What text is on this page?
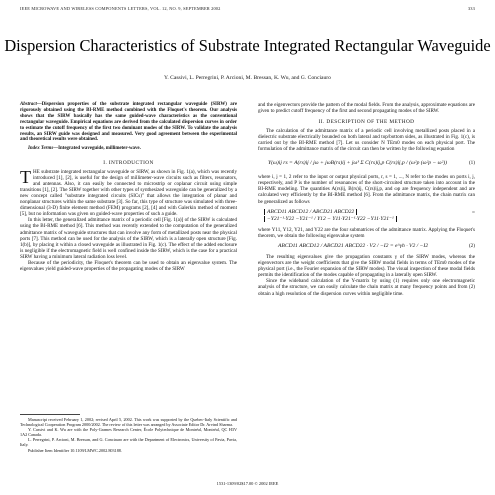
IEEE MICROWAVE AND WIRELESS COMPONENTS LETTERS, VOL. 12, NO. 9, SEPTEMBER 2002	333
Dispersion Characteristics of Substrate Integrated Rectangular Waveguide
Y. Cassivi, L. Perregrini, P. Arcioni, M. Bressan, K. Wu, and G. Conciauro
Abstract—Dispersion properties of the substrate integrated rectangular waveguide (SIRW) are rigorously obtained using the BI-RME method combined with the Floquet's theorem. Our analysis shows that the SIRW basically has the same guided-wave characteristics as the conventional rectangular waveguide. Empirical equations are derived from the calculated dispersion curves in order to estimate the cutoff frequency of the first two dominant modes of the SIRW. To validate the analysis results, an SIRW guide was designed and measured. Very good agreement between the experimental and theoretical results were obtained.
Index Terms—Integrated waveguide, millimeter-wave.
I. INTRODUCTION

THE substrate integrated rectangular waveguide or SIRW, as shown in Fig. 1(a), which was recently introduced [1], [2], is useful for the design of millimeter-wave circuits such as filters, resonators, and antennas. Also, it can easily be connected to microstrip or coplanar circuit using simple transitions [1], [2]. The SIRW together with other types of synthesized waveguide can be generalized by a new concept called "substrate integrated circuits (SICs)" that allows the integration of planar and nonplanar structures within the same substrate [3]. So far, this type of structure was simulated with three-dimensional (3-D) finite element method (FEM) programs [2], [4] and with Galerkin method of moment [5], but no information was given on guided-wave properties of such a guide.

In this letter, the generalized admittance matrix of a periodic cell [Fig. 1(a)] of the SIRW is calculated using the BI-RME method [6]. This method was recently extended to the computation of the generalized admittance matrix of waveguide structures that can involve any form of metallized posts near the physical ports [7]. This method can be used for the analysis of the SIRW, which is a laterally open structure [Fig. 1(b)], by placing it within a closed waveguide as illustrated in Fig. 1(c). The effect of the added enclosure is negligible if the electromagnetic field is well confined inside the SIRW, which is the case for a practical SIRW having a minimum lateral radiation loss level.

Because of the periodicity, the Floquet's theorem can be used to obtain an eigenvalue system. The eigenvalues yield guided-wave properties of the propagating modes of the SIRW

Manuscript received February 1, 2002; revised April 5, 2002. This work was supported by the Quebec-Italy Scientific and Technological Cooperation Program 2000/2002. The review of this letter was arranged by Associate Editor Dr. Arvind Sharma.

Y. Cassivi and K. Wu are with the Poly-Grames Research Center, École Polytechnique de Montréal, Montréal, QC H3V 1A2 Canada.

L. Perregrini, P. Arcioni, M. Bressan, and G. Conciauro are with the Department of Electronics, University of Pavia, Pavia, Italy.

Publisher Item Identifier 10.1109/LMWC.2002.803188.

and the eigenvectors provide the pattern of the modal fields. From the analysis, approximate equations are given to predict cutoff frequency of the first and second propagating modes of the SIRW.

II. DESCRIPTION OF THE METHOD

The calculation of the admittance matrix of a periodic cell involving metallized posts placed in a dielectric substrate electrically bounded on both lateral and top/bottom sides, as illustrated in Fig. 1(c), is carried out by the BI-RME method [7]. Let us consider N TEm0 modes on each physical port. The formulation of the admittance matrix of the circuit can then be written by the following equation

Y(ω)ij rs = A(rs)ij / jω + jωB(rs)ij + jω³ Σ C(rs)ij,p C(rs)ij,p / (ω²p (ω²p − ω²))	(1)

where i, j = 1, 2 refer to the input or output physical ports, r, s = 1, ..., N refer to the modes on ports i, j, respectively, and P is the number of resonances of the short-circuited structure taken into account in the BI-RME modeling. The quantities A(rs)ij, B(rs)ij, C(rs)ij,p, and ωp are frequency independent and are calculated very efficiently by the BI-RME method [6]. From the admittance matrix, the chain matrix can be generalized as follows

ABCD11 ABCD12 / ABCD21 ABCD22	= −Y21⁻¹·Y22 −Y21⁻¹ / Y12 − Y11·Y21⁻¹·Y22 −Y11·Y21⁻¹

where Y11, Y12, Y21, and Y22 are the four submatrices of the admittance matrix. Applying the Floquet's theorem, we obtain the following eigenvalue system

ABCD11 ABCD12 / ABCD21 ABCD22 · V2 / −I2 = e^γh · V2 / −I2	(2)

The resulting eigenvalues give the propagation constants γ of the SIRW modes, whereas the eigenvectors are the weight coefficients that give the SIRW modal fields in terms of TEm0 modes of the physical port (i.e., the Fourier expansion of the SIRW modes). The visual inspection of these modal fields permits the identification of the modes capable of propagating in a laterally open SIRW.

Since the wideband calculation of the Y-matrix by using (1) requires only one electromagnetic analysis of the structure, we can easily calculate the chain matrix at many frequency points and from (2) obtain a high resolution of the dispersion curves within negligible time.

1531-1309/02$17.00 © 2002 IEEE
